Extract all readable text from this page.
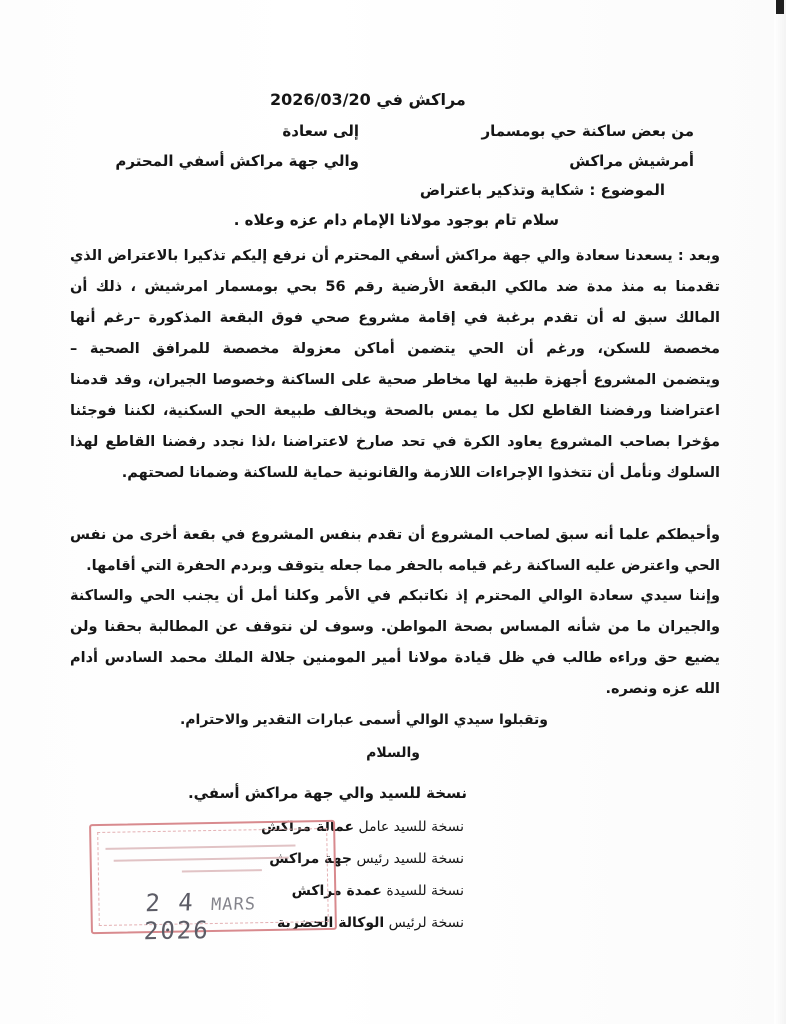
مراكش في 2026/03/20
من بعض ساكنة حي بومسمار
إلى سعادة
أمرشيش مراكش
والي جهة مراكش أسفي المحترم
الموضوع : شكاية وتذكير باعتراض
سلام تام بوجود مولانا الإمام دام عزه وعلاه .
وبعد : يسعدنا سعادة والي جهة مراكش أسفي المحترم أن نرفع إليكم تذكيرا بالاعتراض الذي
تقدمنا به منذ مدة ضد مالكي البقعة الأرضية رقم 56 بحي بومسمار امرشيش ، ذلك أن
المالك سبق له أن تقدم برغبة في إقامة مشروع صحي فوق البقعة المذكورة –رغم أنها
مخصصة للسكن، ورغم أن الحي يتضمن أماكن معزولة مخصصة للمرافق الصحية –
ويتضمن المشروع أجهزة طبية لها مخاطر صحية على الساكنة وخصوصا الجيران، وقد قدمنا
اعتراضنا ورفضنا القاطع لكل ما يمس بالصحة ويخالف طبيعة الحي السكنية، لكننا فوجئنا
مؤخرا بصاحب المشروع يعاود الكرة في تحد صارخ لاعتراضنا ،لذا نجدد رفضنا القاطع لهذا
السلوك ونأمل أن تتخذوا الإجراءات اللازمة والقانونية حماية للساكنة وضمانا لصحتهم.
وأحيطكم علما أنه سبق لصاحب المشروع أن تقدم بنفس المشروع في بقعة أخرى من نفس
الحي واعترض عليه الساكنة رغم قيامه بالحفر مما جعله يتوقف وبردم الحفرة التي أقامها.
وإننا سيدي سعادة الوالي المحترم إذ نكاتبكم في الأمر وكلنا أمل أن يجنب الحي والساكنة
والجيران ما من شأنه المساس بصحة المواطن. وسوف لن نتوقف عن المطالبة بحقنا ولن
يضيع حق وراءه طالب في ظل قيادة مولانا أمير المومنين جلالة الملك محمد السادس أدام
الله عزه ونصره.
وتقبلوا سيدي الوالي أسمى عبارات التقدير والاحترام.
والسلام
نسخة للسيد والي جهة مراكش أسفي.
نسخة للسيد عامل عمالة مراكش
نسخة للسيد رئيس جهة مراكش
نسخة للسيدة عمدة مراكش
نسخة لرئيس الوكالة الحضرية
2 4 MARS 2026
